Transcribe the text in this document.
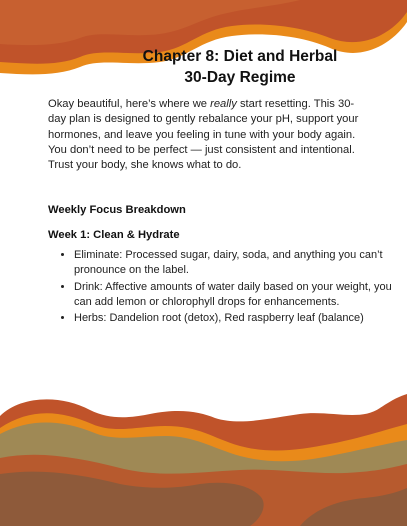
Chapter 8: Diet and Herbal
30-Day Regime

Okay beautiful, here’s where we really start resetting. This 30-day plan is designed to gently rebalance your pH, support your hormones, and leave you feeling in tune with your body again. You don’t need to be perfect — just consistent and intentional. Trust your body, she knows what to do.

Weekly Focus Breakdown
Week 1: Clean & Hydrate
• Eliminate: Processed sugar, dairy, soda, and anything you can’t pronounce on the label.
• Drink: Affective amounts of water daily based on your weight, you can add lemon or chlorophyll drops for enhancements.
• Herbs: Dandelion root (detox), Red raspberry leaf (balance)
